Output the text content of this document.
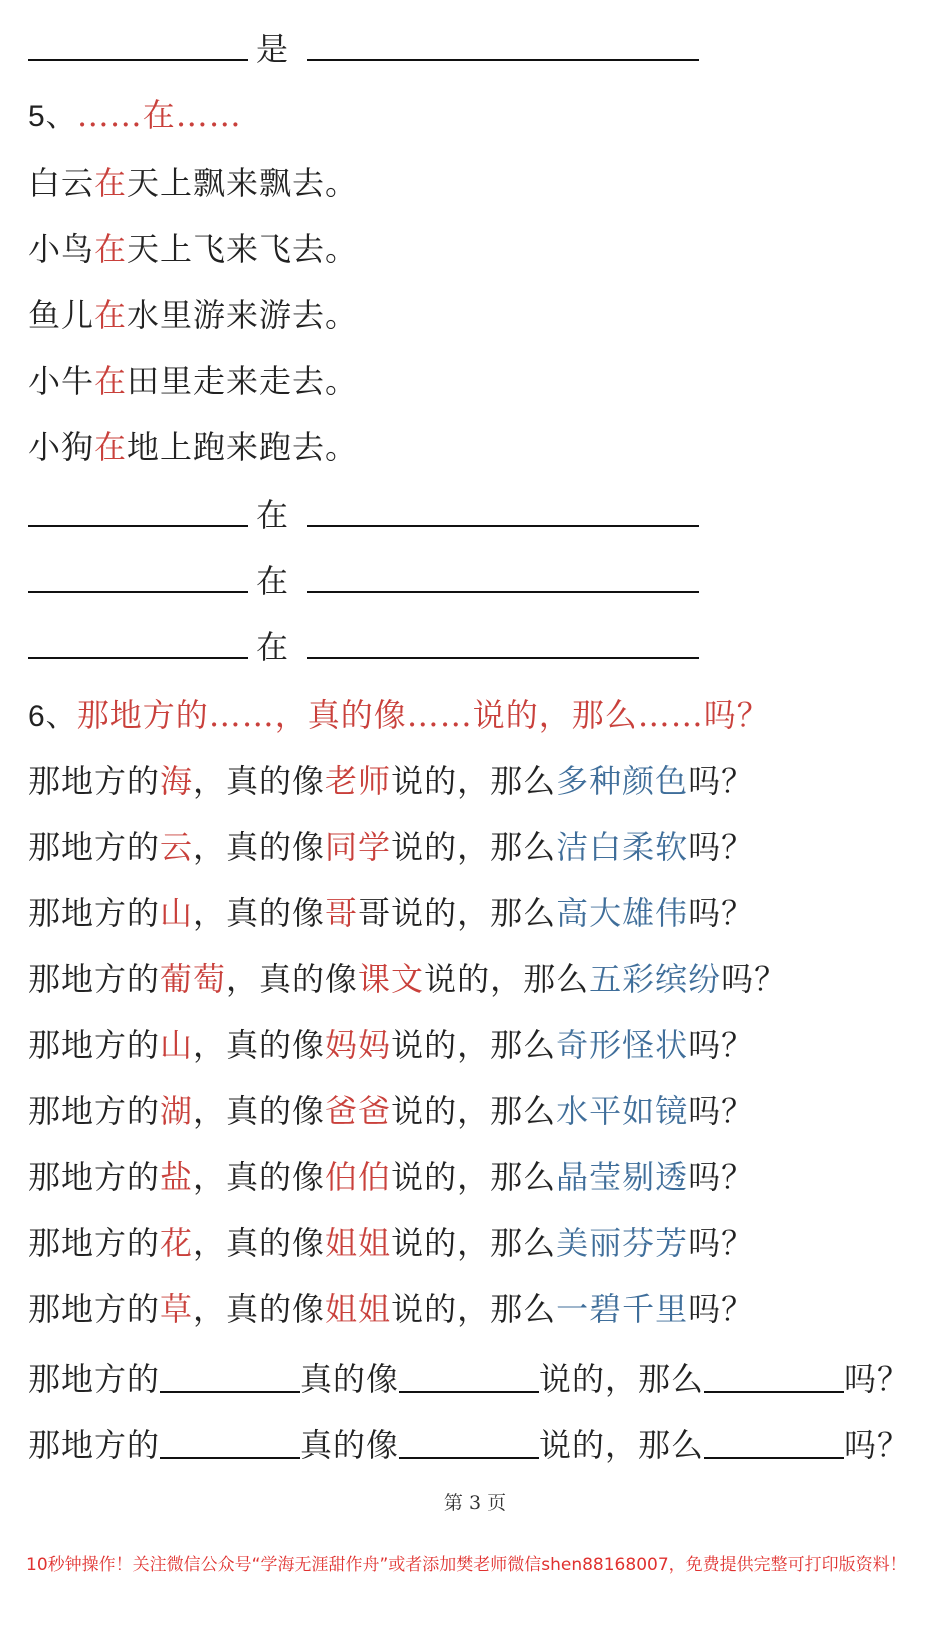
是
5、 ……在……
白云 在 天上飘来飘去。
小鸟 在 天上飞来飞去。
鱼儿 在 水里游来游去。
小牛 在 田里走来走去。
小狗 在 地上跑来跑去。
在
在
在
6、 那地方的……，真的像……说的，那么……吗？
那地方的 海 ，真的像 老师 说的，那么 多种颜色 吗？
那地方的 云 ，真的像 同学 说的，那么 洁白柔软 吗？
那地方的 山 ，真的像 哥 哥 说的，那么 高大雄伟 吗？
那地方的 葡萄 ，真的像 课文 说的，那么 五彩缤纷 吗？
那地方的 山 ，真的像 妈妈 说的，那么 奇形怪状 吗？
那地方的 湖 ，真的像 爸爸 说的，那么 水平如镜 吗？
那地方的 盐 ，真的像 伯伯 说的，那么 晶莹剔透 吗？
那地方的 花 ，真的像 姐姐 说的，那么 美丽芬芳 吗？
那地方的 草 ，真的像 姐姐 说的，那么 一碧千里 吗？
那地方的	真的像	说的，那么	吗？
那地方的	真的像	说的，那么	吗？
第 3 页
10秒钟操作！关注微信公众号“学海无涯甜作舟”或者添加樊老师微信shen88168007，免费提供完整可打印版资料！
